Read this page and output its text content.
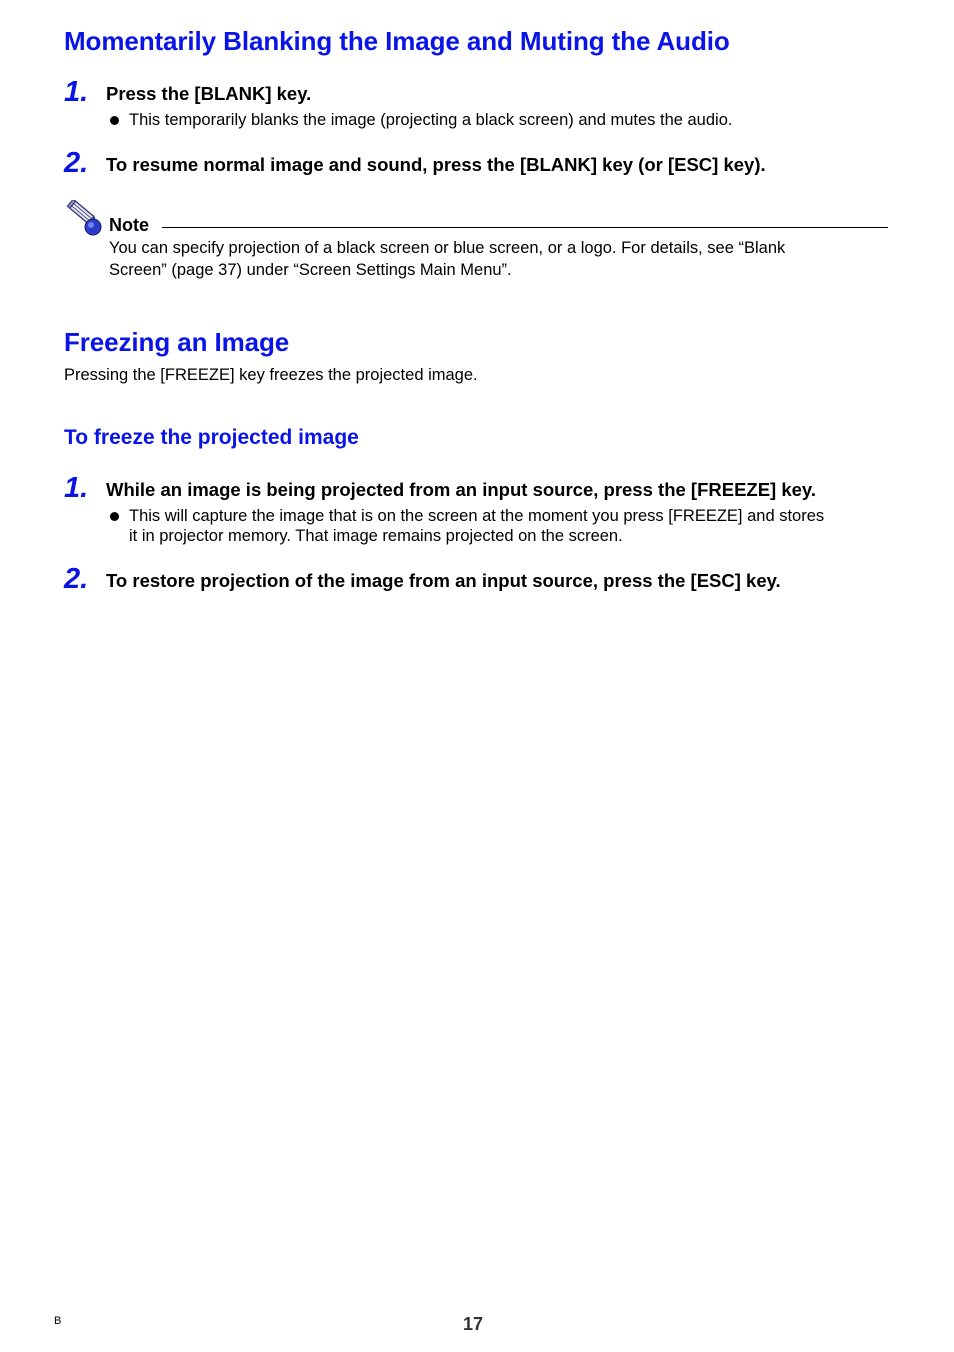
Momentarily Blanking the Image and Muting the Audio
1. Press the [BLANK] key.
This temporarily blanks the image (projecting a black screen) and mutes the audio.
2. To resume normal image and sound, press the [BLANK] key (or [ESC] key).
Note
You can specify projection of a black screen or blue screen, or a logo. For details, see “Blank
Screen” (page 37) under “Screen Settings Main Menu”.
Freezing an Image
Pressing the [FREEZE] key freezes the projected image.
To freeze the projected image
1. While an image is being projected from an input source, press the [FREEZE] key.
This will capture the image that is on the screen at the moment you press [FREEZE] and stores
it in projector memory. That image remains projected on the screen.
2. To restore projection of the image from an input source, press the [ESC] key.
B	17
